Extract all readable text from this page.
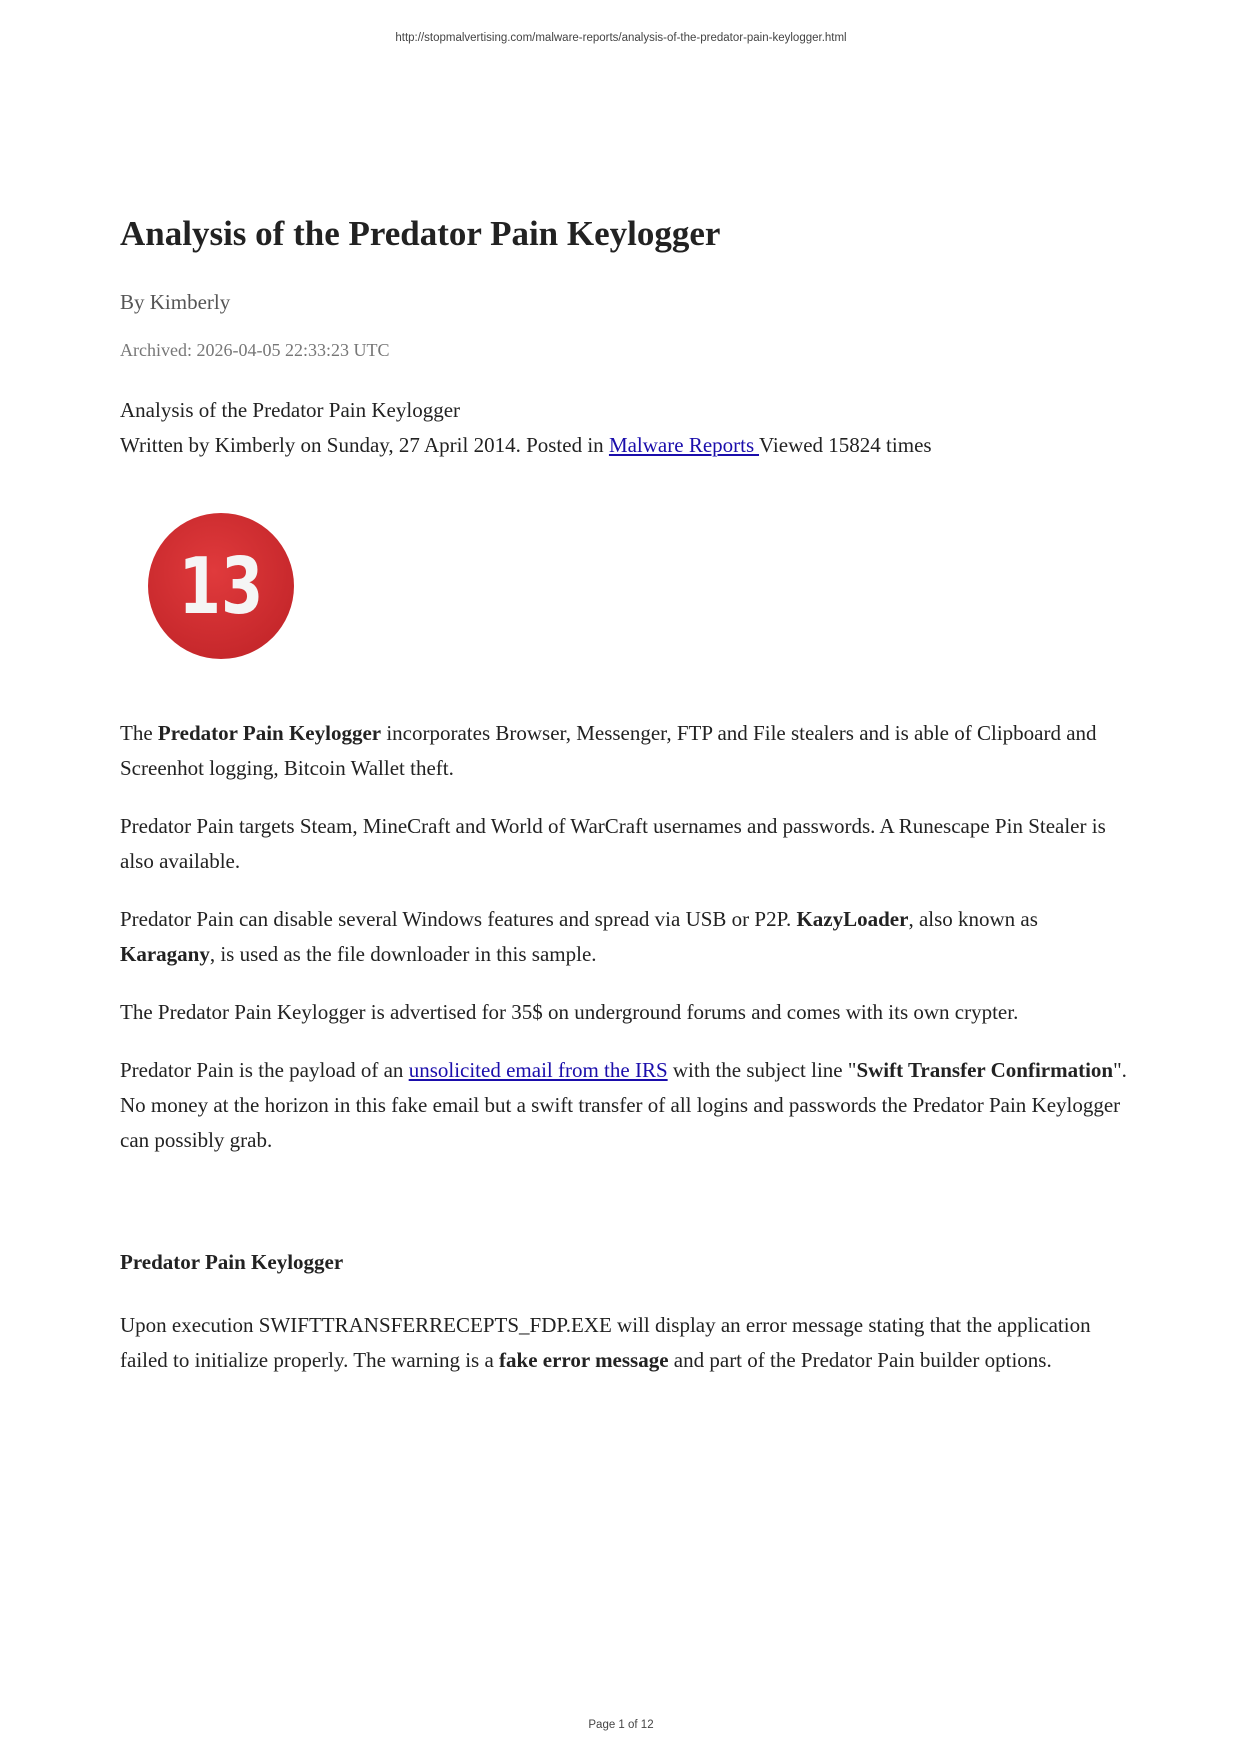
http://stopmalvertising.com/malware-reports/analysis-of-the-predator-pain-keylogger.html
Analysis of the Predator Pain Keylogger
By Kimberly
Archived: 2026-04-05 22:33:23 UTC
Analysis of the Predator Pain Keylogger
Written by Kimberly on Sunday, 27 April 2014. Posted in Malware Reports Viewed 15824 times
13

The Predator Pain Keylogger incorporates Browser, Messenger, FTP and File stealers and is able of Clipboard and Screenhot logging, Bitcoin Wallet theft.

Predator Pain targets Steam, MineCraft and World of WarCraft usernames and passwords. A Runescape Pin Stealer is also available.

Predator Pain can disable several Windows features and spread via USB or P2P. KazyLoader, also known as Karagany, is used as the file downloader in this sample.

The Predator Pain Keylogger is advertised for 35$ on underground forums and comes with its own crypter.

Predator Pain is the payload of an unsolicited email from the IRS with the subject line "Swift Transfer Confirmation". No money at the horizon in this fake email but a swift transfer of all logins and passwords the Predator Pain Keylogger can possibly grab.

Predator Pain Keylogger

Upon execution SWIFTTRANSFERRECEPTS_FDP.EXE will display an error message stating that the application failed to initialize properly. The warning is a fake error message and part of the Predator Pain builder options.

Page 1 of 12
